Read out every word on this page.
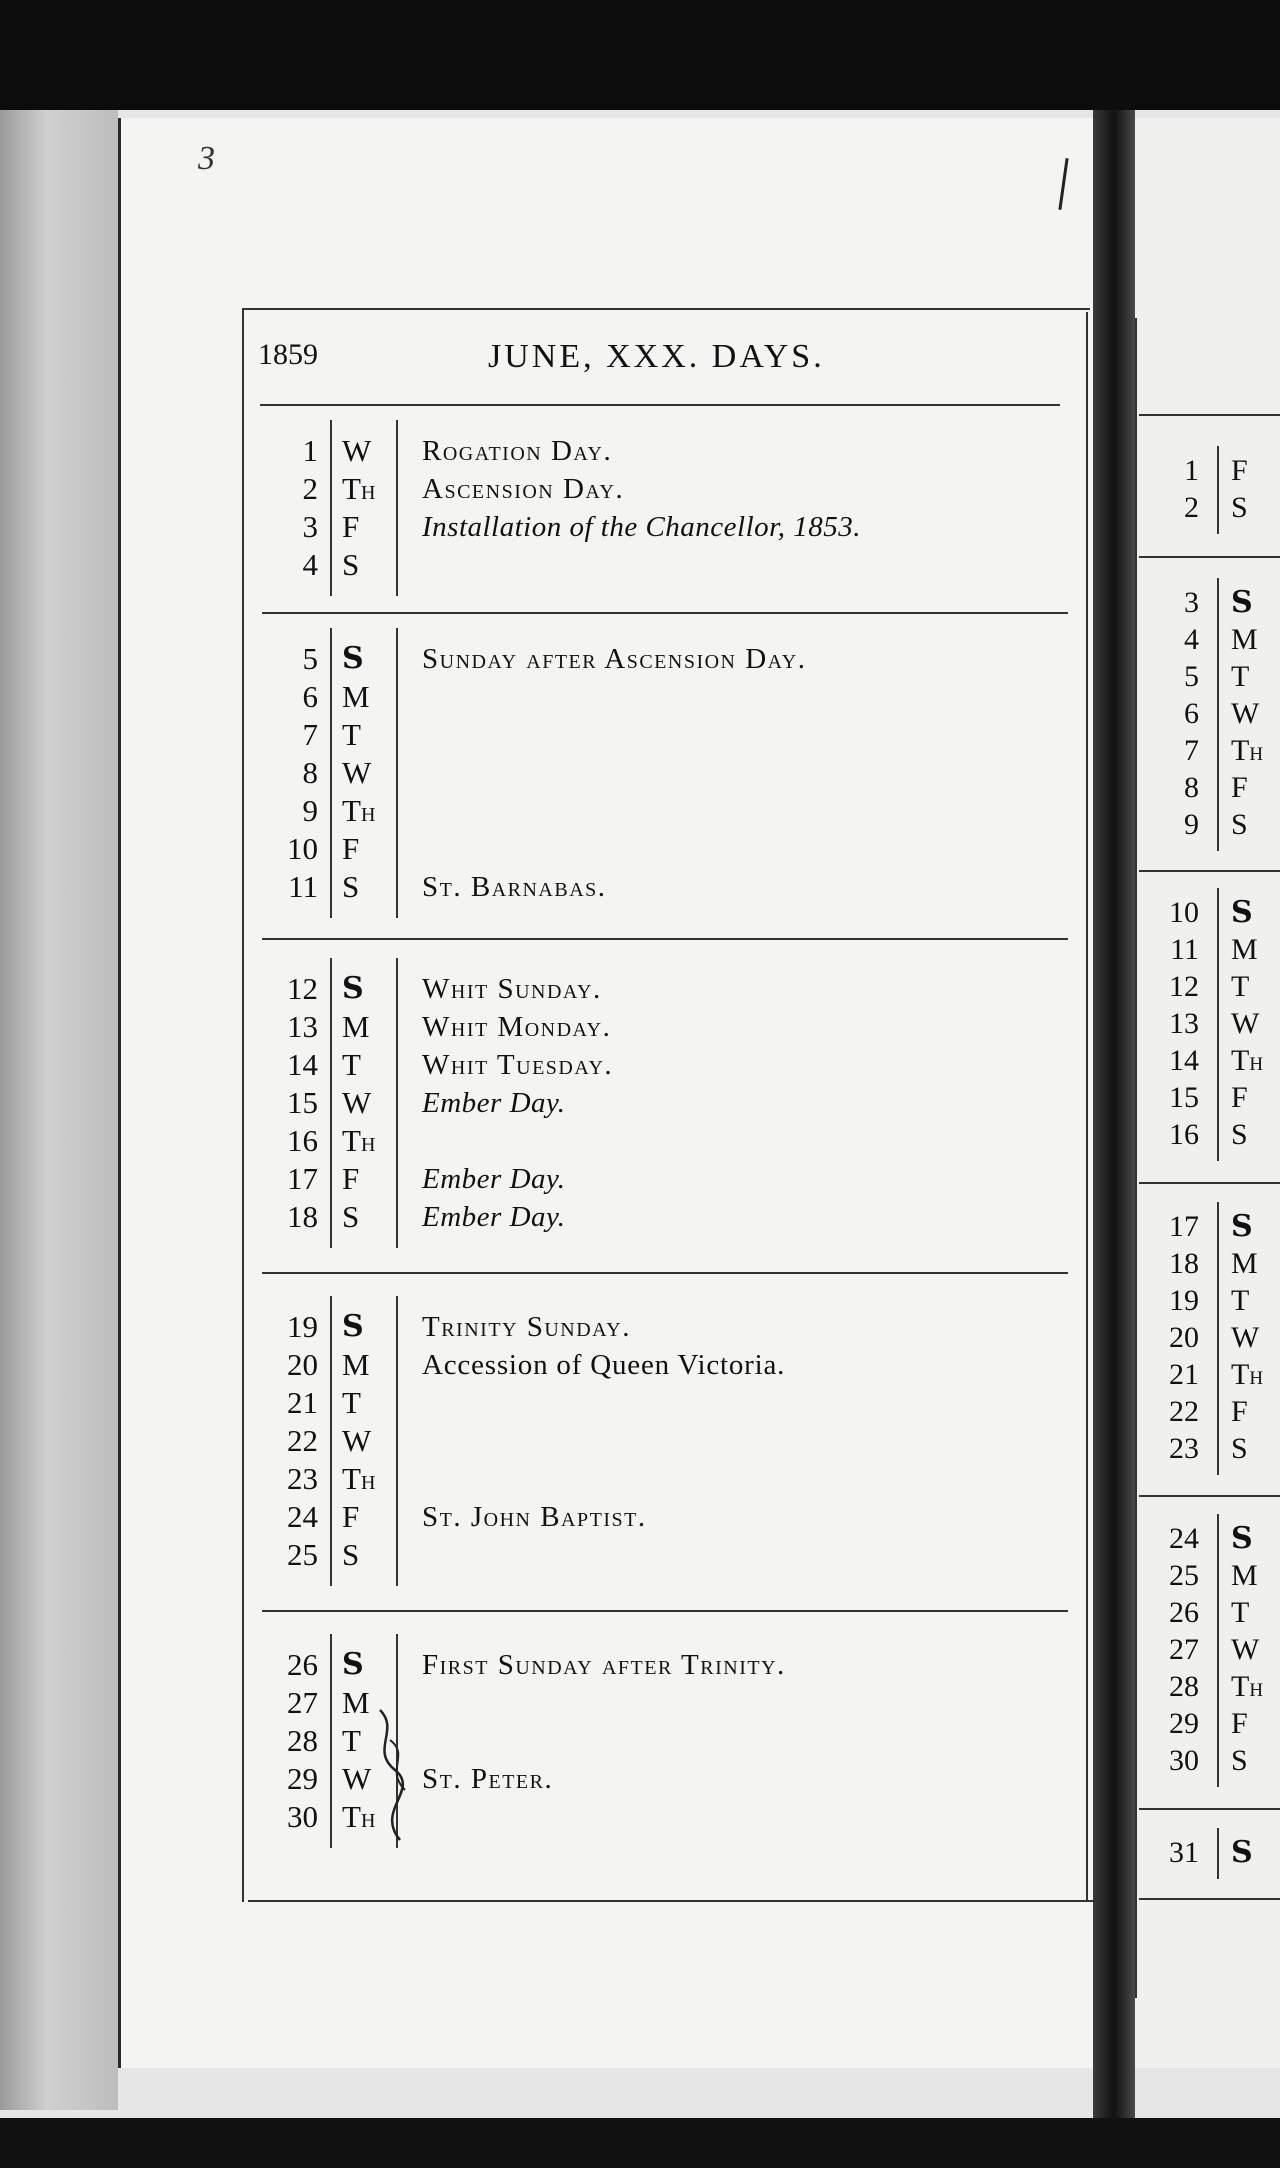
1 F
2 S
3 S
4 M
5 T
6 W
7 TH
8 F
9 S
10 S
11 M
12 T
13 W
14 TH
15 F
16 S
17 S
18 M
19 T
20 W
21 TH
22 F
23 S
24 S
25 M
26 T
27 W
28 TH
29 F
30 S
31 S
3
1859	JUNE, XXX. DAYS.
1 W	Rogation Day.
2 TH	Ascension Day.
3 F	Installation of the Chancellor, 1853.
4 S
5 S	Sunday after Ascension Day.
6 M
7 T
8 W
9 TH
10 F
11 S	St. Barnabas.
12 S	Whit Sunday.
13 M	Whit Monday.
14 T	Whit Tuesday.
15 W	Ember Day.
16 TH
17 F	Ember Day.
18 S	Ember Day.
19 S	Trinity Sunday.
20 M	Accession of Queen Victoria.
21 T
22 W
23 TH
24 F	St. John Baptist.
25 S
26 S	First Sunday after Trinity.
27 M
28 T
29 W	St. Peter.
30 TH
